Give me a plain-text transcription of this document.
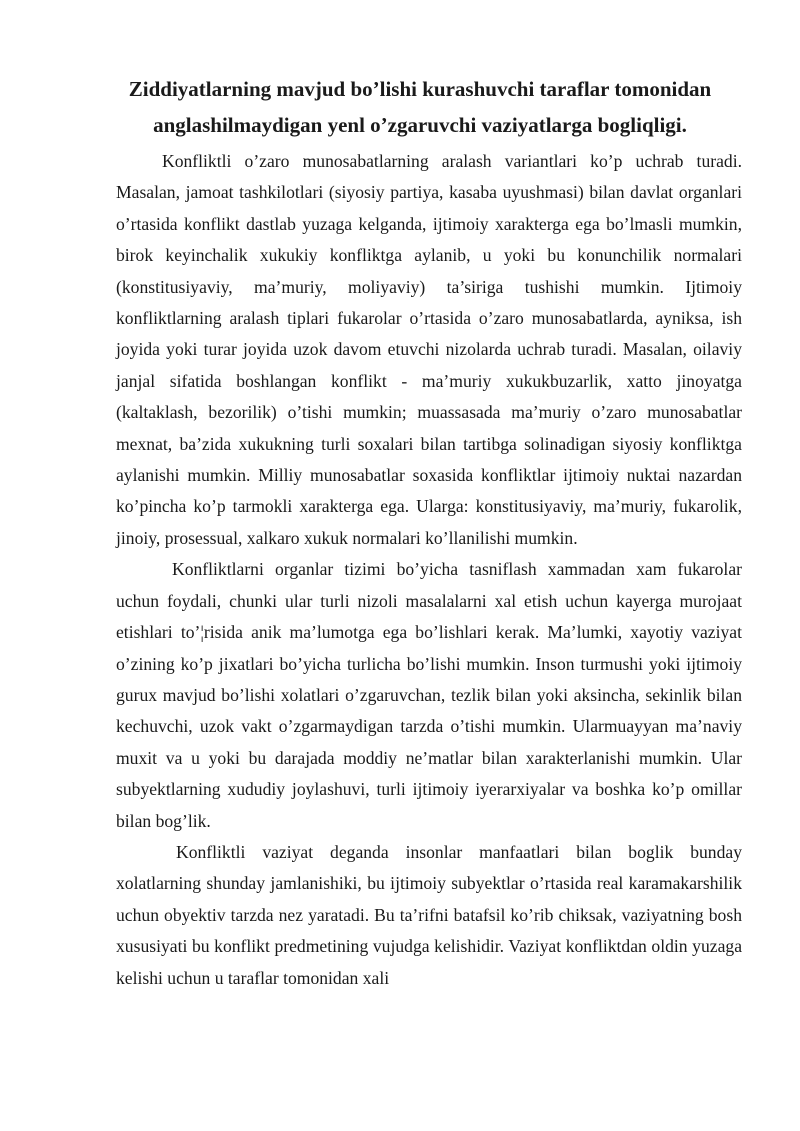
Ziddiyatlarning mavjud bo’lishi kurashuvchi taraflar tomonidan
anglashilmaydigan yenl o’zgaruvchi vaziyatlarga bogliqligi.

Konfliktli o’zaro munosabatlarning aralash variantlari ko’p uchrab turadi. Masalan, jamoat tashkilotlari (siyosiy partiya, kasaba uyushmasi) bilan davlat organlari o’rtasida konflikt dastlab yuzaga kelganda, ijtimoiy xarakterga ega bo’lmasli mumkin, birok keyinchalik xukukiy konfliktga aylanib, u yoki bu konunchilik normalari (konstitusiyaviy, ma’muriy, moliyaviy) ta’siriga tushishi mumkin. Ijtimoiy konfliktlarning aralash tiplari fukarolar o’rtasida o’zaro munosabatlarda, ayniksa, ish joyida yoki turar joyida uzok davom etuvchi nizolarda uchrab turadi. Masalan, oilaviy janjal sifatida boshlangan konflikt - ma’muriy xukukbuzarlik, xatto jinoyatga (kaltaklash, bezorilik) o’tishi mumkin; muassasada ma’muriy o’zaro munosabatlar mexnat, ba’zida xukukning turli soxalari bilan tartibga solinadigan siyosiy konfliktga aylanishi mumkin. Milliy munosabatlar soxasida konfliktlar ijtimoiy nuktai nazardan ko’pincha ko’p tarmokli xarakterga ega. Ularga: konstitusiyaviy, ma’muriy, fukarolik, jinoiy, prosessual, xalkaro xukuk normalari ko’llanilishi mumkin.

Konfliktlarni organlar tizimi bo’yicha tasniflash xammadan xam fukarolar uchun foydali, chunki ular turli nizoli masalalarni xal etish uchun kayerga murojaat etishlari to’¦risida anik ma’lumotga ega bo’lishlari kerak. Ma’lumki, xayotiy vaziyat o’zining ko’p jixatlari bo’yicha turlicha bo’lishi mumkin. Inson turmushi yoki ijtimoiy gurux mavjud bo’lishi xolatlari o’zgaruvchan, tezlik bilan yoki aksincha, sekinlik bilan kechuvchi, uzok vakt o’zgarmaydigan tarzda o’tishi mumkin. Ularmuayyan ma’naviy muxit va u yoki bu darajada moddiy ne’matlar bilan xarakterlanishi mumkin. Ular subyektlarning xududiy joylashuvi, turli ijtimoiy iyerarxiyalar va boshka ko’p omillar bilan bog’lik.

Konfliktli vaziyat deganda insonlar manfaatlari bilan boglik bunday xolatlarning shunday jamlanishiki, bu ijtimoiy subyektlar o’rtasida real karamakarshilik uchun obyektiv tarzda nez yaratadi. Bu ta’rifni batafsil ko’rib chiksak, vaziyatning bosh xususiyati bu konflikt predmetining vujudga kelishidir. Vaziyat konfliktdan oldin yuzaga kelishi uchun u taraflar tomonidan xali
